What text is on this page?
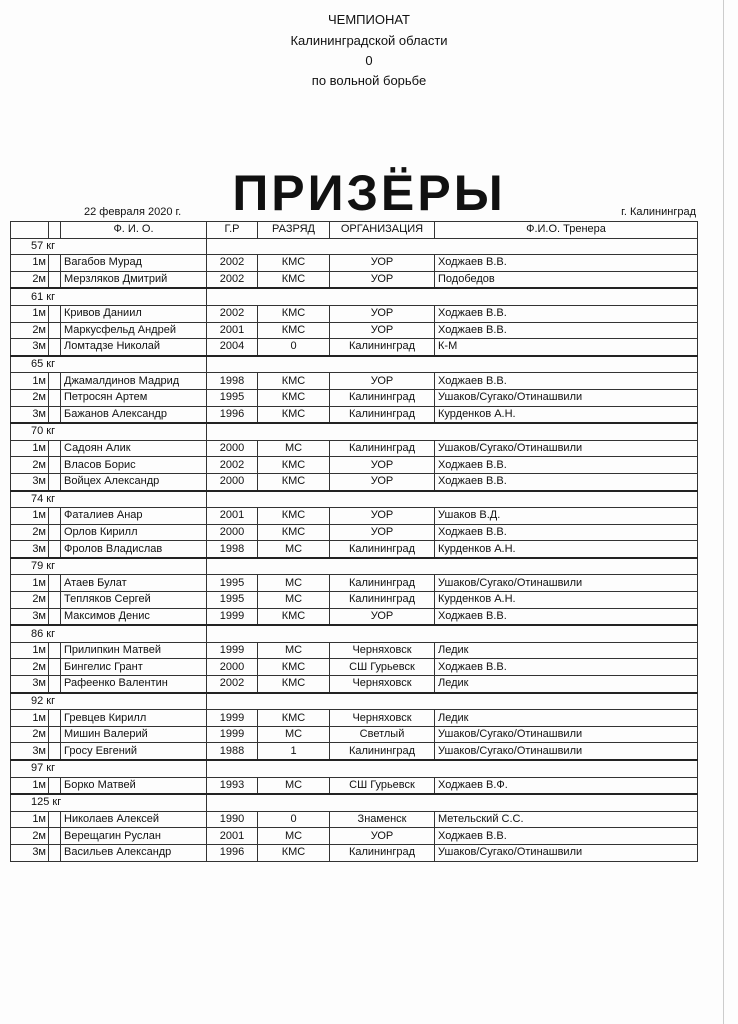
ЧЕМПИОНАТ
Калининградской области
0
по вольной борьбе
ПРИЗЁРЫ
22 февраля 2020 г.	г. Калининград
		Ф. И. О.	Г.Р	РАЗРЯД	ОРГАНИЗАЦИЯ	Ф.И.О. Тренера
57 кг						
1м		Вагабов Мурад	2002	КМС	УОР	Ходжаев В.В.
2м		Мерзляков Дмитрий	2002	КМС	УОР	Подобедов
61 кг						
1м		Кривов Даниил	2002	КМС	УОР	Ходжаев В.В.
2м		Маркусфельд Андрей	2001	КМС	УОР	Ходжаев В.В.
3м		Ломтадзе Николай	2004	0	Калининград	К-М
65 кг						
1м		Джамалдинов Мадрид	1998	КМС	УОР	Ходжаев В.В.
2м		Петросян Артем	1995	КМС	Калининград	Ушаков/Сугако/Отинашвили
3м		Бажанов Александр	1996	КМС	Калининград	Курденков А.Н.
70 кг						
1м		Садоян Алик	2000	МС	Калининград	Ушаков/Сугако/Отинашвили
2м		Власов Борис	2002	КМС	УОР	Ходжаев В.В.
3м		Войцех Александр	2000	КМС	УОР	Ходжаев В.В.
74 кг						
1м		Фаталиев Анар	2001	КМС	УОР	Ушаков В.Д.
2м		Орлов Кирилл	2000	КМС	УОР	Ходжаев В.В.
3м		Фролов Владислав	1998	МС	Калининград	Курденков А.Н.
79 кг						
1м		Атаев Булат	1995	МС	Калининград	Ушаков/Сугако/Отинашвили
2м		Тепляков Сергей	1995	МС	Калининград	Курденков А.Н.
3м		Максимов Денис	1999	КМС	УОР	Ходжаев В.В.
86 кг						
1м		Прилипкин Матвей	1999	МС	Черняховск	Ледик
2м		Бингелис Грант	2000	КМС	СШ Гурьевск	Ходжаев В.В.
3м		Рафеенко Валентин	2002	КМС	Черняховск	Ледик
92 кг						
1м		Гревцев Кирилл	1999	КМС	Черняховск	Ледик
2м		Мишин Валерий	1999	МС	Светлый	Ушаков/Сугако/Отинашвили
3м		Гросу Евгений	1988	1	Калининград	Ушаков/Сугако/Отинашвили
97 кг						
1м		Борко Матвей	1993	МС	СШ Гурьевск	Ходжаев В.Ф.
125 кг						
1м		Николаев Алексей	1990	0	Знаменск	Метельский С.С.
2м		Верещагин Руслан	2001	МС	УОР	Ходжаев В.В.
3м		Васильев Александр	1996	КМС	Калининград	Ушаков/Сугако/Отинашвили
